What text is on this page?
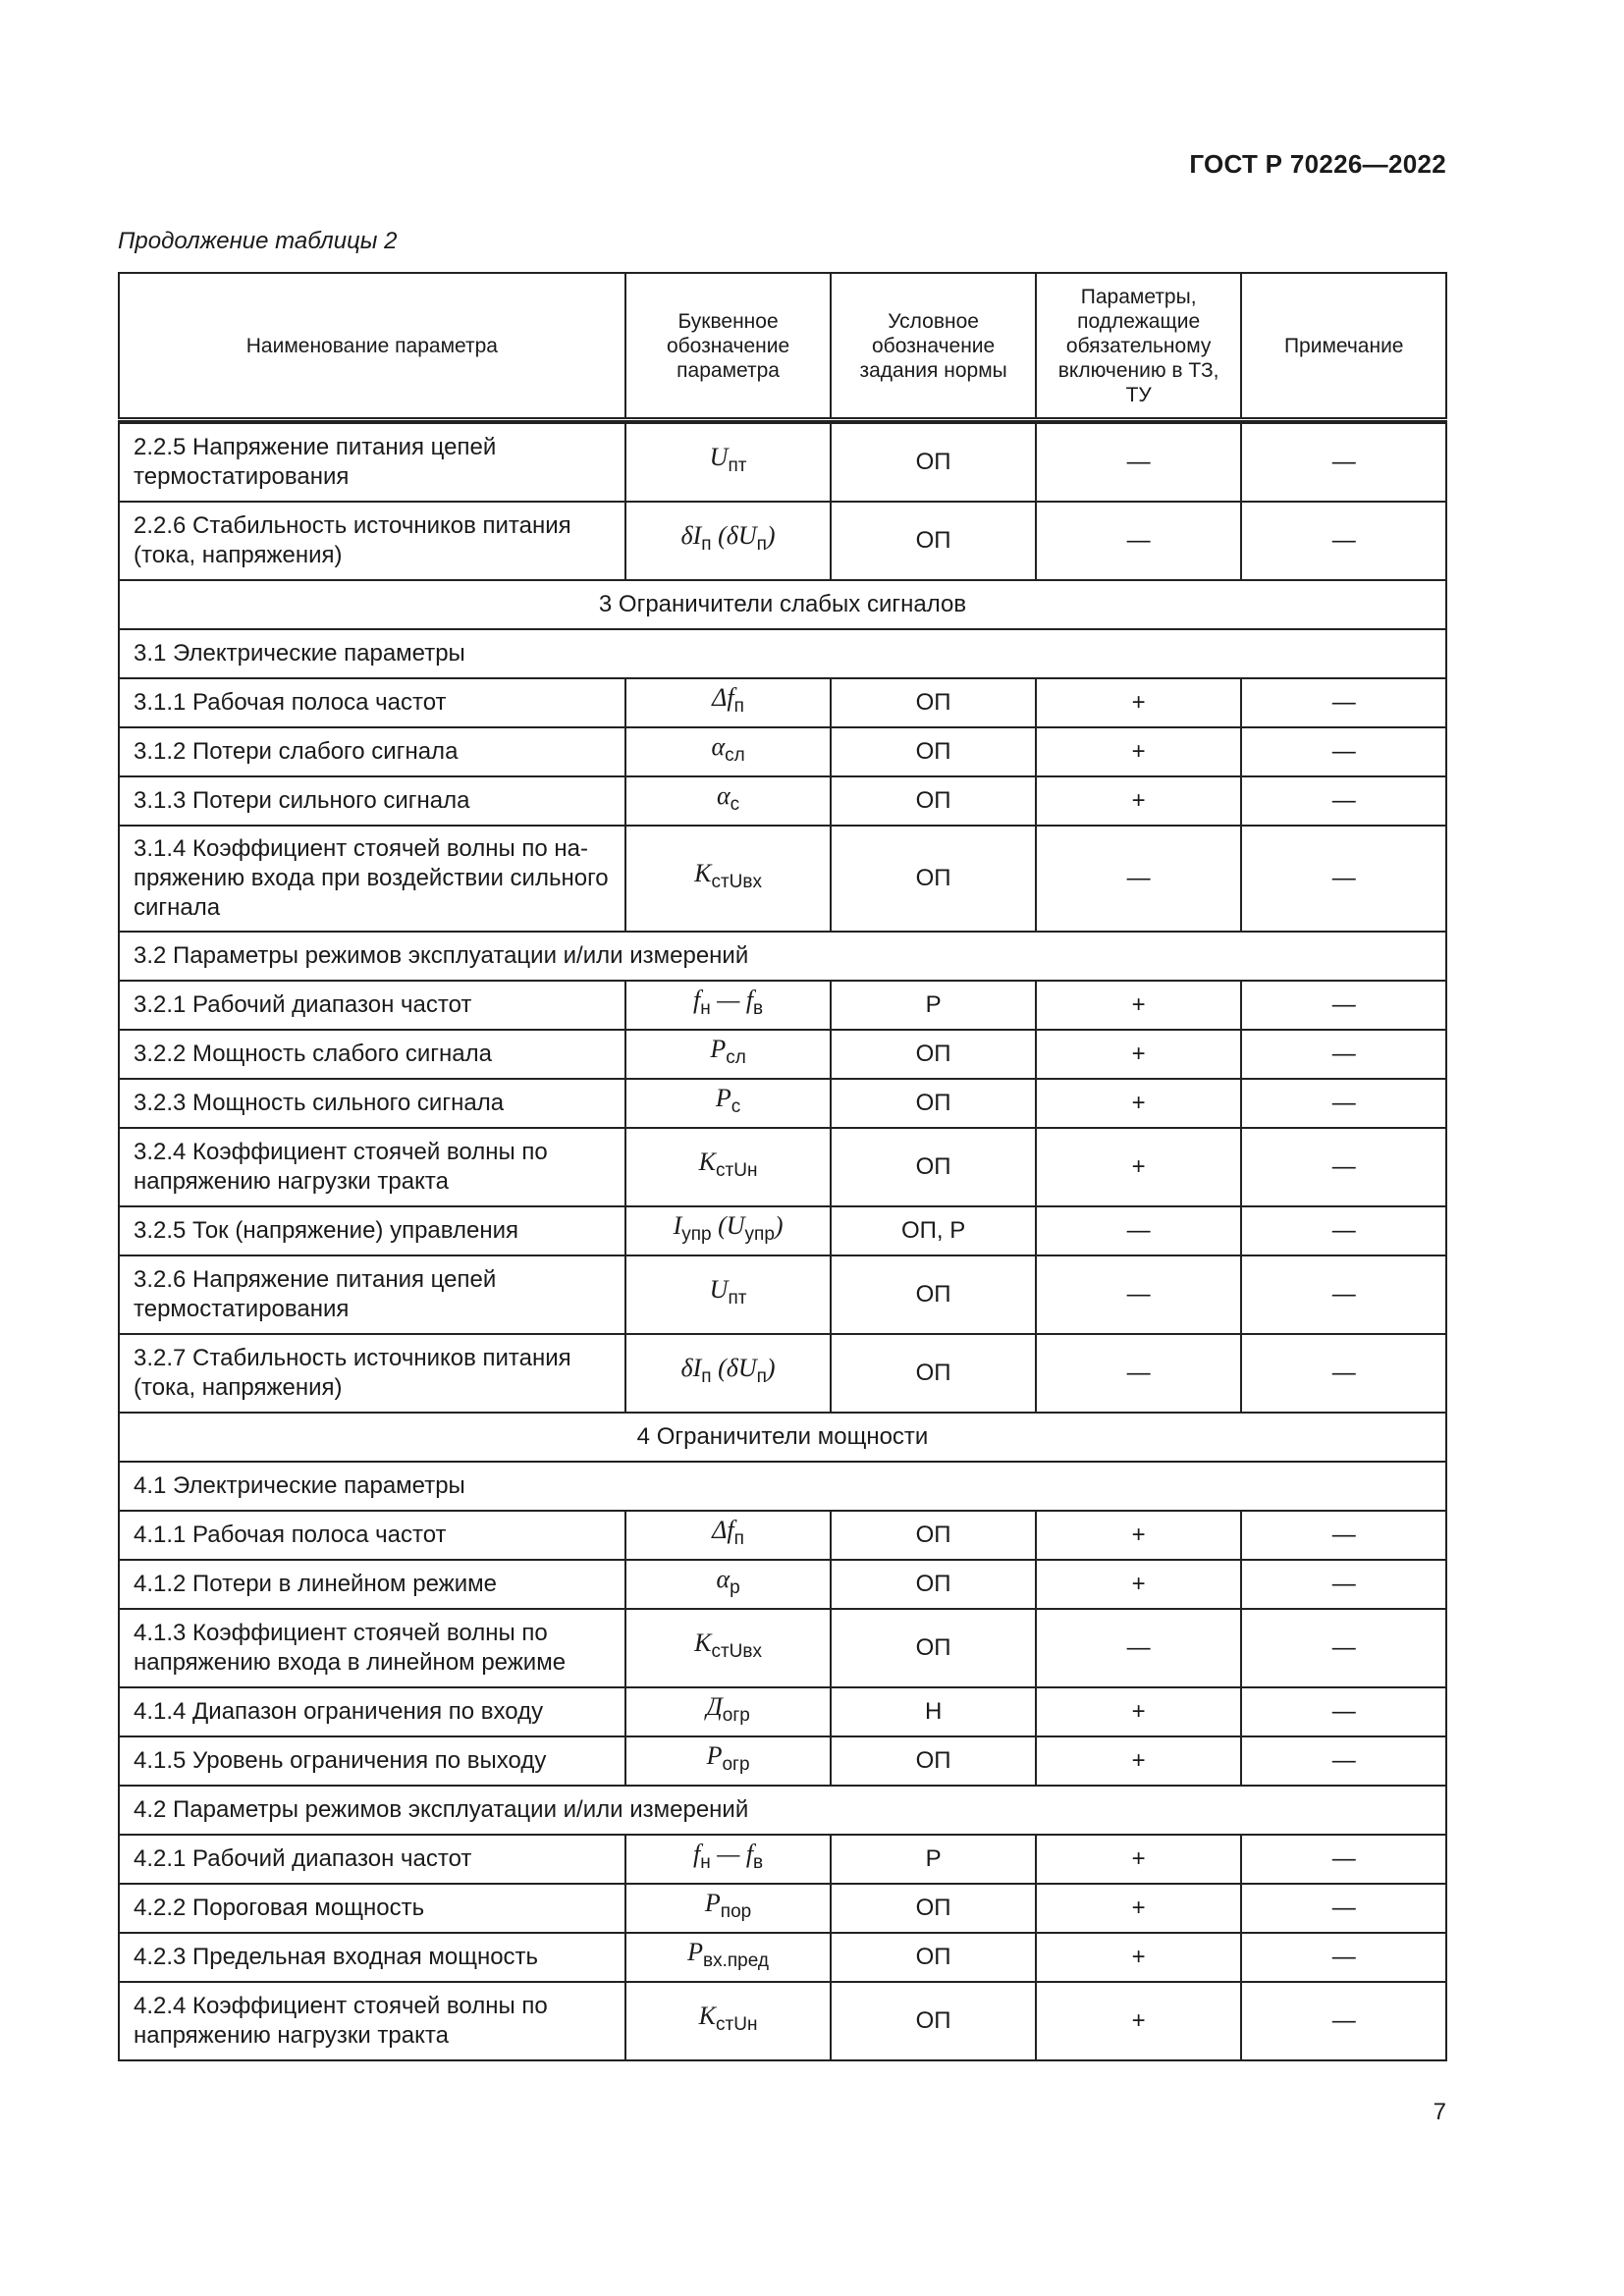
ГОСТ Р 70226—2022
Продолжение таблицы 2
Наименование параметра	Буквенное обозначение параметра	Условное обозначение задания нормы	Параметры, подлежащие обязательному включению в ТЗ, ТУ	Примечание

2.2.5 Напряжение питания цепей термостатирования	$U_{пт}$	ОП	—	—
2.2.6 Стабильность источников питания (тока, напряжения)	$\delta I_п$ $(\delta U_п)$	ОП	—	—
3 Ограничители слабых сигналов				
3.1 Электрические параметры				
3.1.1 Рабочая полоса частот	$\Delta f_п$	ОП	+	—
3.1.2 Потери слабого сигнала	$\alpha_{сл}$	ОП	+	—
3.1.3 Потери сильного сигнала	$\alpha_с$	ОП	+	—
3.1.4 Коэффициент стоячей волны по напряжению входа при воздействии сильного сигнала	$K_{стUвх}$	ОП	—	—
3.2 Параметры режимов эксплуатации и/или измерений				
3.2.1 Рабочий диапазон частот	$f_н$ — $f_в$	Р	+	—
3.2.2 Мощность слабого сигнала	$P_{сл}$	ОП	+	—
3.2.3 Мощность сильного сигнала	$P_с$	ОП	+	—
3.2.4 Коэффициент стоячей волны по напряжению нагрузки тракта	$K_{стUн}$	ОП	+	—
3.2.5 Ток (напряжение) управления	$I_{упр}$ $(U_{упр})$	ОП, Р	—	—
3.2.6 Напряжение питания цепей термостатирования	$U_{пт}$	ОП	—	—
3.2.7 Стабильность источников питания (тока, напряжения)	$\delta I_п$ $(\delta U_п)$	ОП	—	—
4 Ограничители мощности				
4.1 Электрические параметры				
4.1.1 Рабочая полоса частот	$\Delta f_п$	ОП	+	—
4.1.2 Потери в линейном режиме	$\alpha_р$	ОП	+	—
4.1.3 Коэффициент стоячей волны по напряжению входа в линейном режиме	$K_{стUвх}$	ОП	—	—
4.1.4 Диапазон ограничения по входу	$Д_{огр}$	Н	+	—
4.1.5 Уровень ограничения по выходу	$P_{огр}$	ОП	+	—
4.2 Параметры режимов эксплуатации и/или измерений				
4.2.1 Рабочий диапазон частот	$f_н$ — $f_в$	Р	+	—
4.2.2 Пороговая мощность	$P_{пор}$	ОП	+	—
4.2.3 Предельная входная мощность	$P_{вх.пред}$	ОП	+	—
4.2.4 Коэффициент стоячей волны по напряжению нагрузки тракта	$K_{стUн}$	ОП	+	—
7
